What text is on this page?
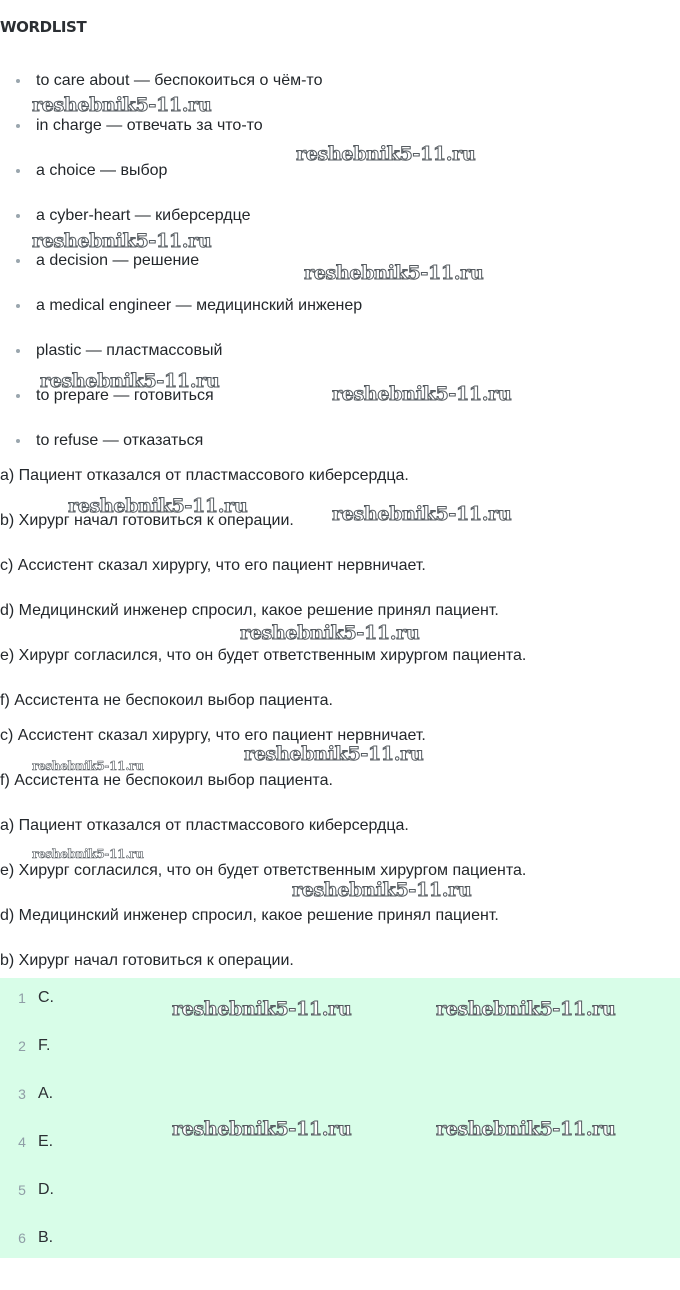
WORDLIST
to care about — беспокоиться о чём-то
in charge — отвечать за что-то
a choice — выбор
a cyber-heart — киберсердце
a decision — решение
a medical engineer — медицинский инженер
plastic — пластмассовый
to prepare — готовиться
to refuse — отказаться
a) Пациент отказался от пластмассового киберсердца.
b) Хирург начал готовиться к операции.
c) Ассистент сказал хирургу, что его пациент нервничает.
d) Медицинский инженер спросил, какое решение принял пациент.
e) Хирург согласился, что он будет ответственным хирургом пациента.
f) Ассистента не беспокоил выбор пациента.
c) Ассистент сказал хирургу, что его пациент нервничает.
f) Ассистента не беспокоил выбор пациента.
a) Пациент отказался от пластмассового киберсердца.
e) Хирург согласился, что он будет ответственным хирургом пациента.
d) Медицинский инженер спросил, какое решение принял пациент.
b) Хирург начал готовиться к операции.
1 C.
2 F.
3 A.
4 E.
5 D.
6 B.
reshebnik5-11.ru
reshebnik5-11.ru
reshebnik5-11.ru
reshebnik5-11.ru
reshebnik5-11.ru
reshebnik5-11.ru
reshebnik5-11.ru	reshebnik5-11.ru
reshebnik5-11.ru
reshebnik5-11.ru
reshebnik5-11.ru
reshebnik5-11.ru
reshebnik5-11.ru
reshebnik5-11.ru	reshebnik5-11.ru
reshebnik5-11.ru	reshebnik5-11.ru
